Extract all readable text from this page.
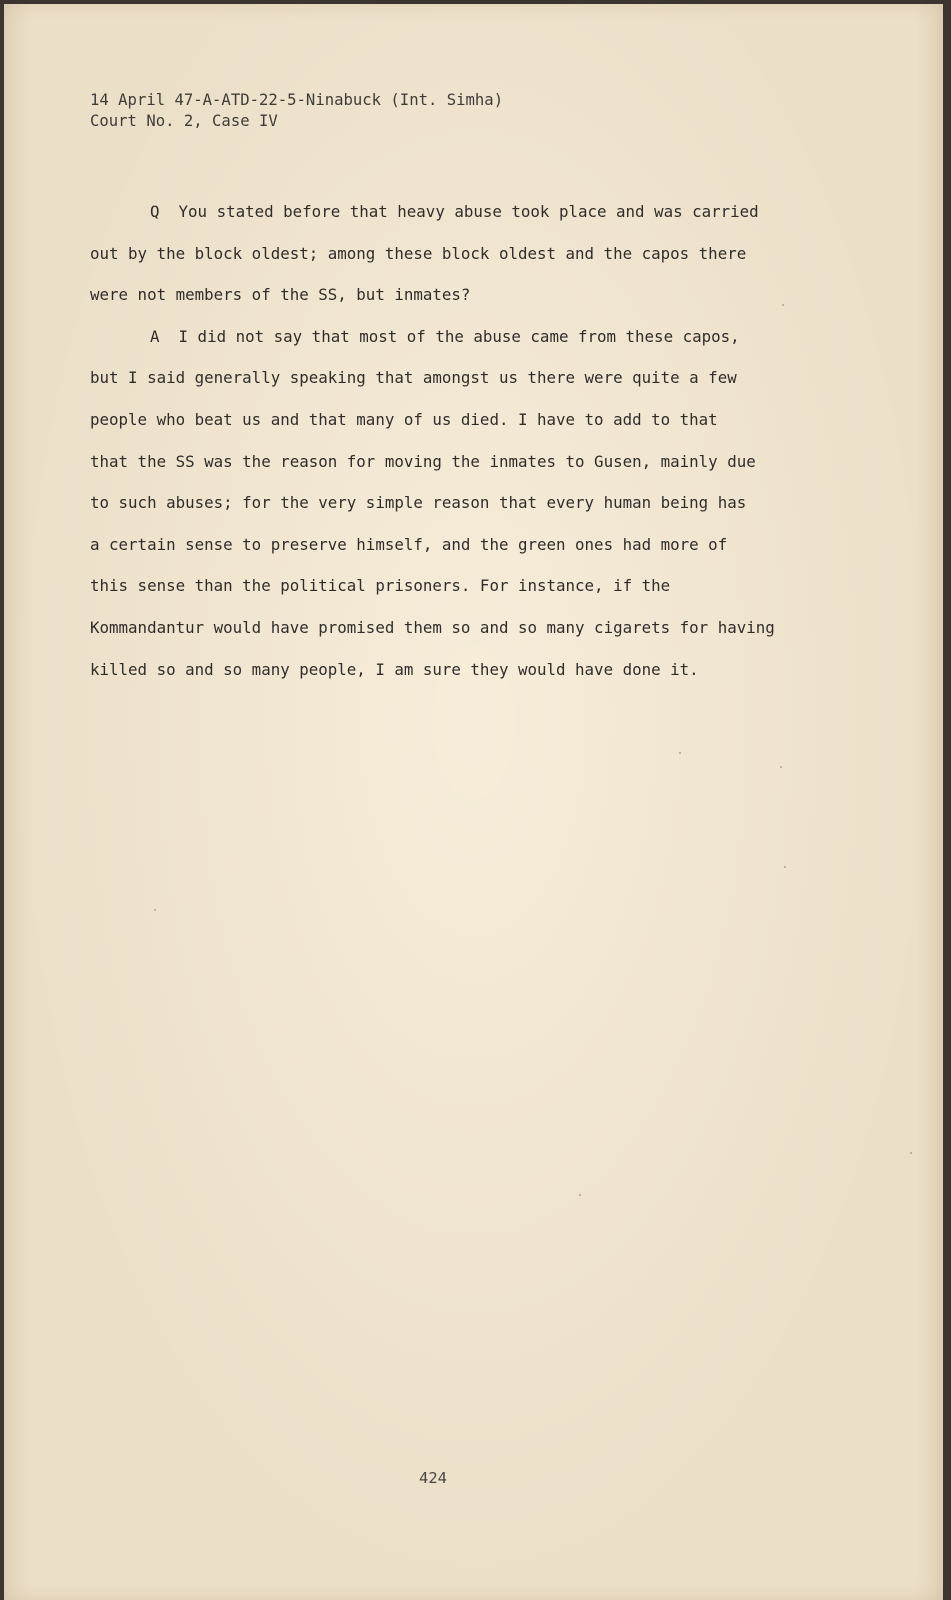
14 April 47-A-ATD-22-5-Ninabuck (Int. Simha)
Court No. 2, Case IV

Q  You stated before that heavy abuse took place and was carried
out by the block oldest; among these block oldest and the capos there
were not members of the SS, but inmates?

A  I did not say that most of the abuse came from these capos,
but I said generally speaking that amongst us there were quite a few
people who beat us and that many of us died. I have to add to that
that the SS was the reason for moving the inmates to Gusen, mainly due
to such abuses; for the very simple reason that every human being has
a certain sense to preserve himself, and the green ones had more of
this sense than the political prisoners. For instance, if the
Kommandantur would have promised them so and so many cigarets for having
killed so and so many people, I am sure they would have done it.

424
